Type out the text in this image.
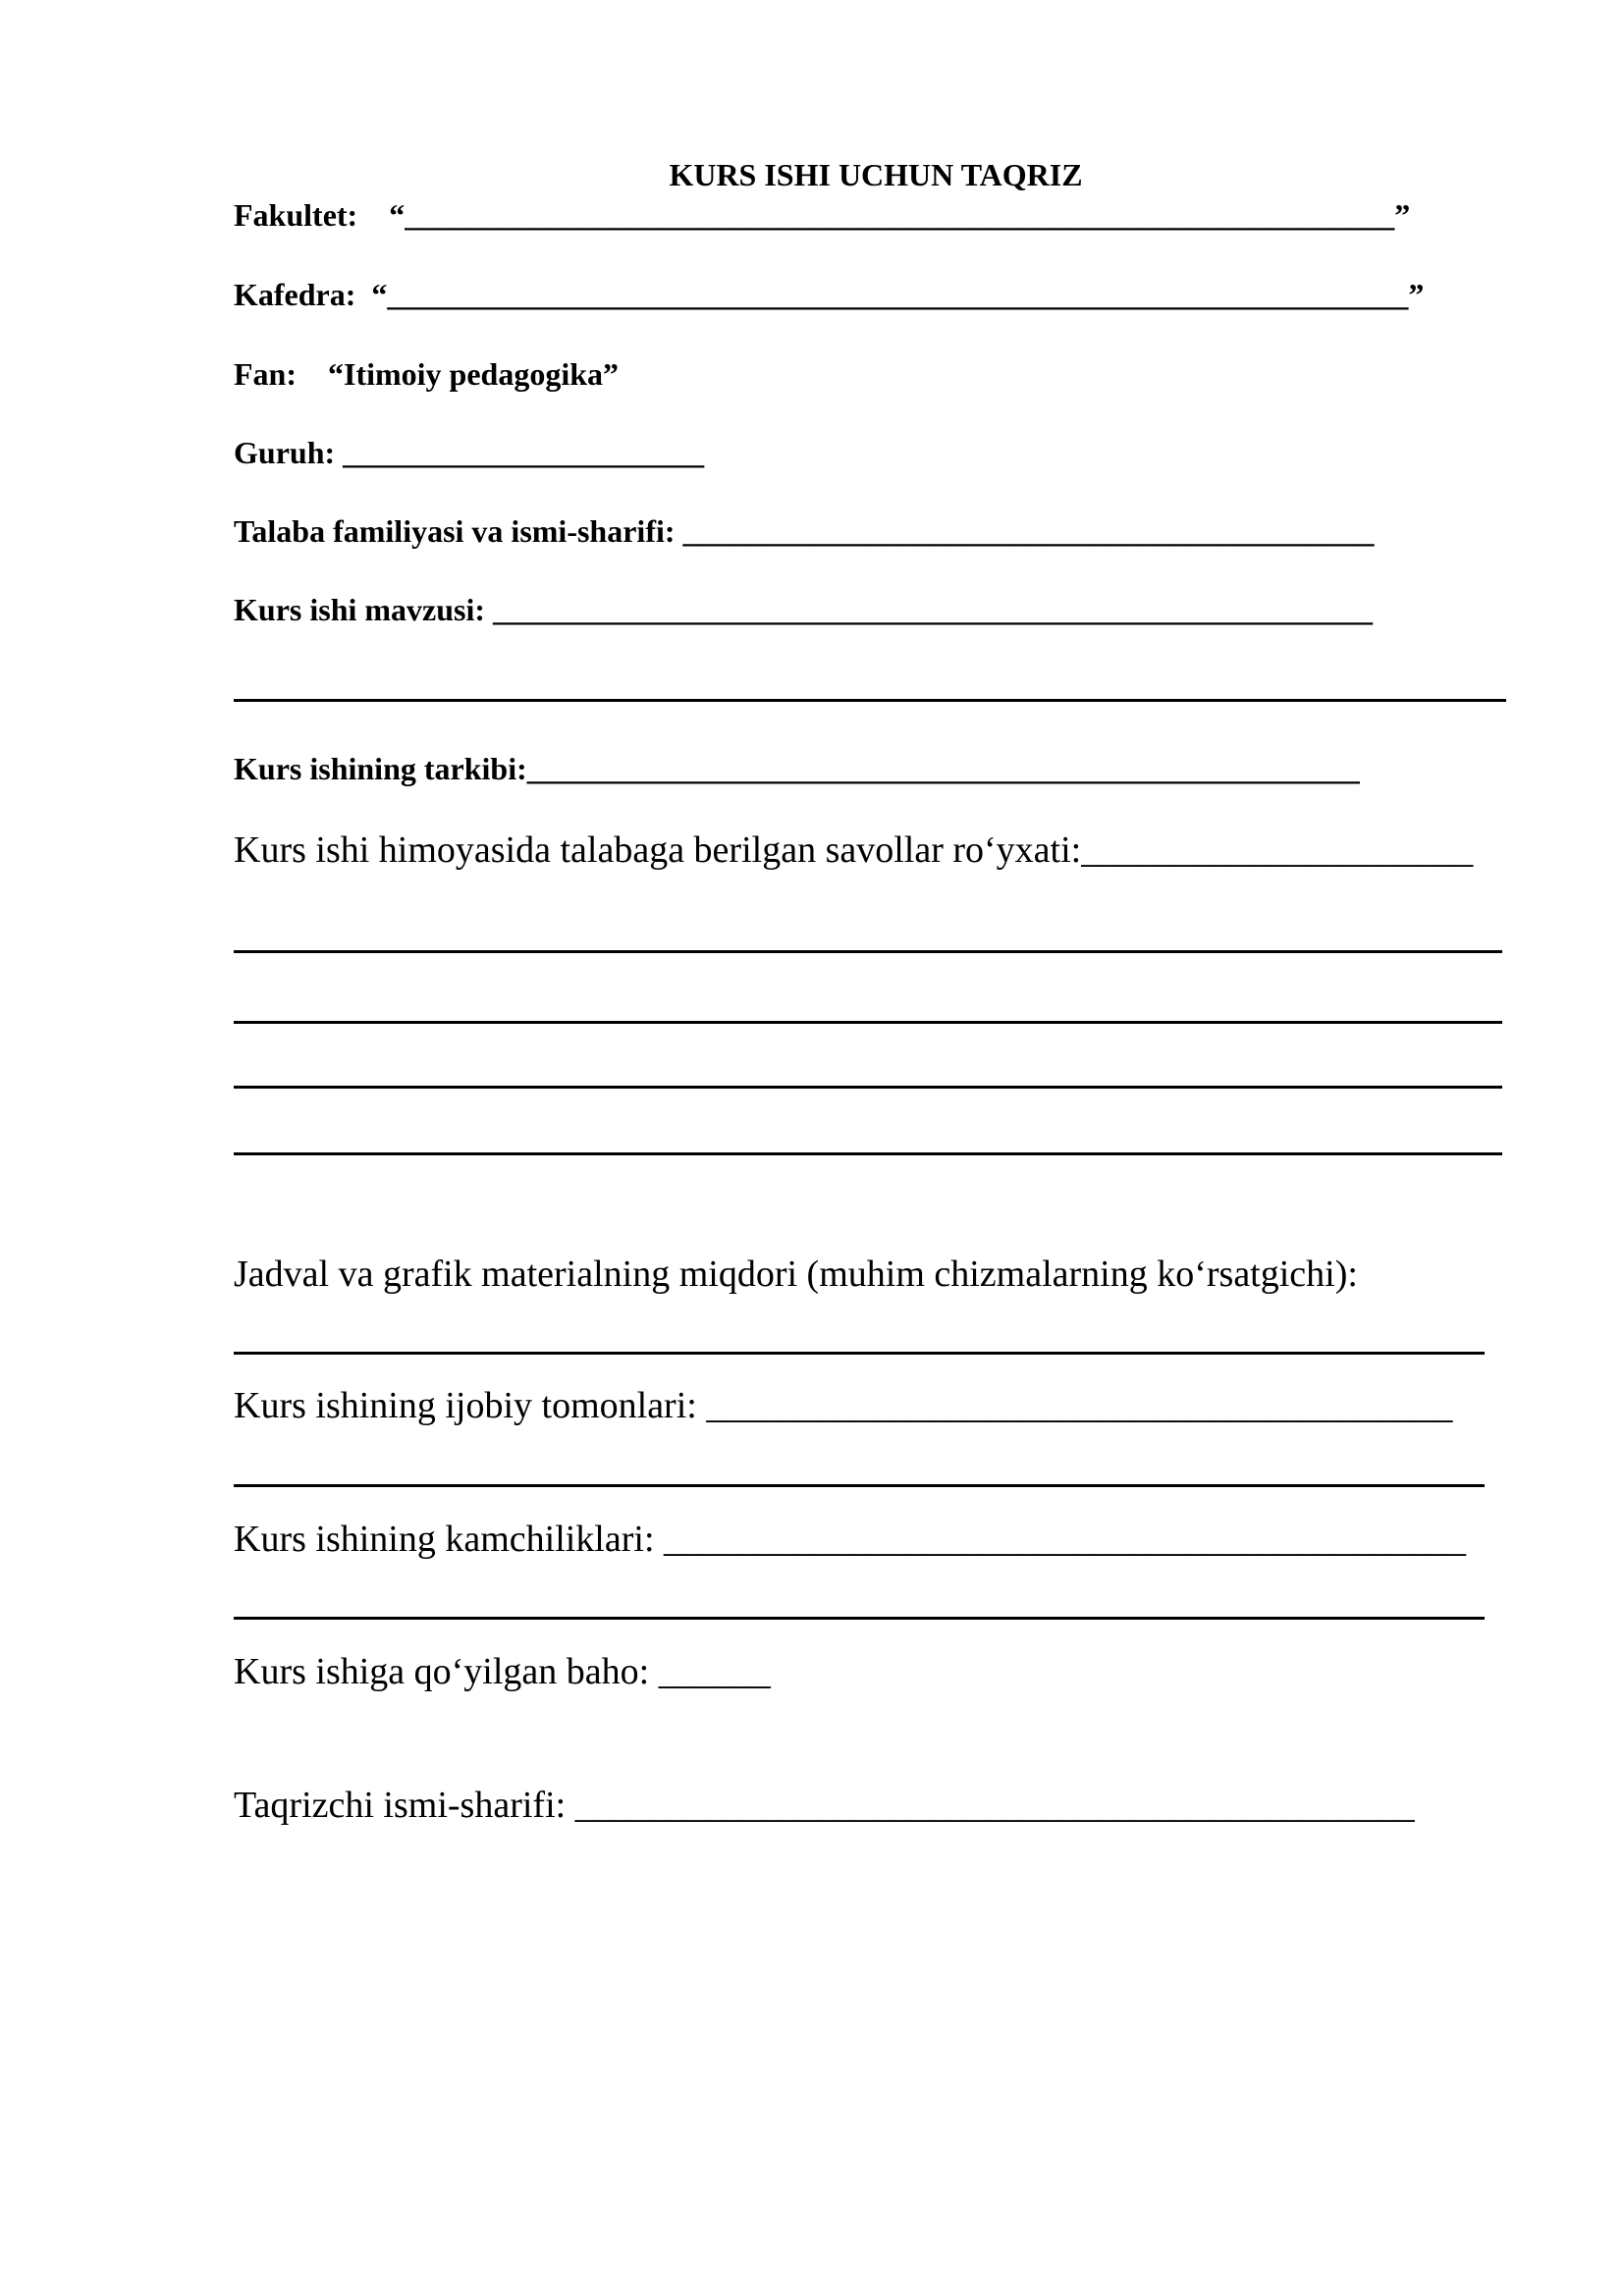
KURS ISHI UCHUN TAQRIZ
Fakultet:    “_______________________________________________________________”
Kafedra:  “_________________________________________________________________”
Fan:    “Itimoiy pedagogika”
Guruh: _______________________
Talaba familiyasi va ismi-sharifi: ____________________________________________
Kurs ishi mavzusi: ________________________________________________________
Kurs ishining tarkibi:_____________________________________________________
Kurs ishi himoyasida talabaga berilgan savollar ro‘yxati:_____________________
Jadval va grafik materialning miqdori (muhim chizmalarning ko‘rsatgichi):
Kurs ishining ijobiy tomonlari: ________________________________________
Kurs ishining kamchiliklari: ___________________________________________
Kurs ishiga qo‘yilgan baho: ______
Taqrizchi ismi-sharifi: _____________________________________________
